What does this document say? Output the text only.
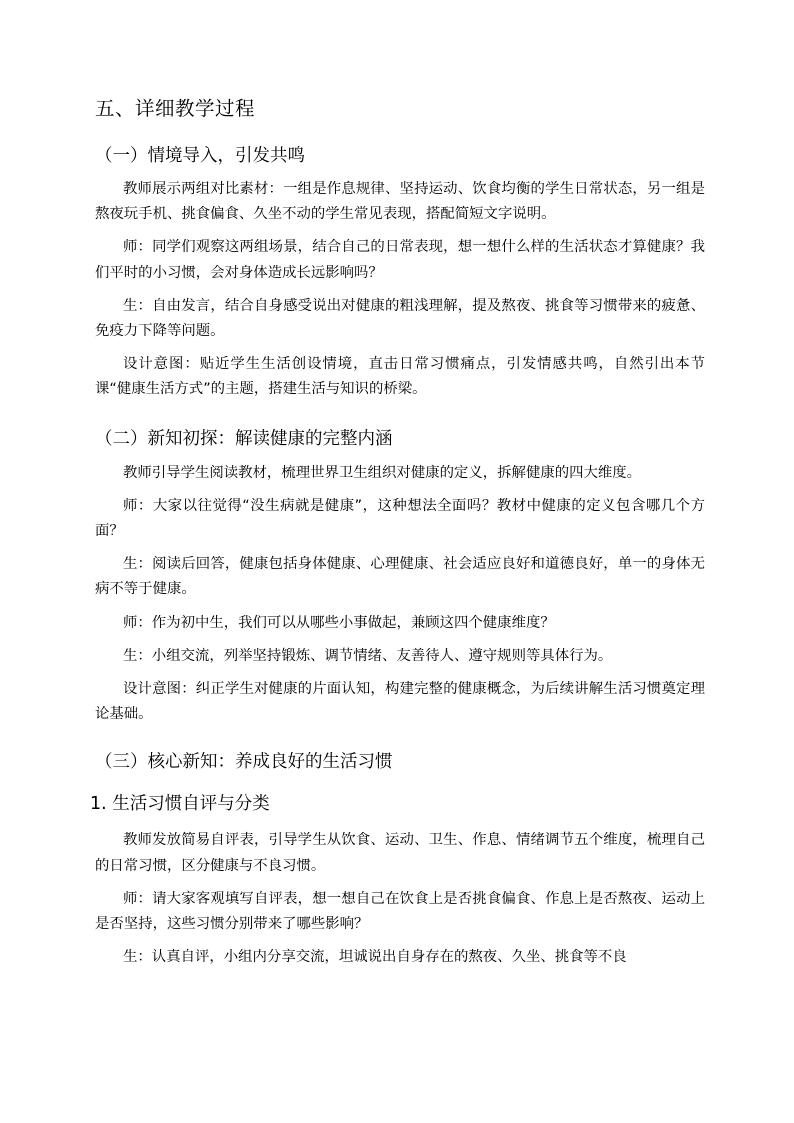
五、详细教学过程
（一）情境导入，引发共鸣

教师展示两组对比素材：一组是作息规律、坚持运动、饮食均衡的学生日常状态，另一组是熬夜玩手机、挑食偏食、久坐不动的学生常见表现，搭配简短文字说明。

师：同学们观察这两组场景，结合自己的日常表现，想一想什么样的生活状态才算健康？我们平时的小习惯，会对身体造成长远影响吗？

生：自由发言，结合自身感受说出对健康的粗浅理解，提及熬夜、挑食等习惯带来的疲惫、免疫力下降等问题。

设计意图：贴近学生生活创设情境，直击日常习惯痛点，引发情感共鸣，自然引出本节课“健康生活方式”的主题，搭建生活与知识的桥梁。

（二）新知初探：解读健康的完整内涵

教师引导学生阅读教材，梳理世界卫生组织对健康的定义，拆解健康的四大维度。

师：大家以往觉得“没生病就是健康”，这种想法全面吗？教材中健康的定义包含哪几个方面？

生：阅读后回答，健康包括身体健康、心理健康、社会适应良好和道德良好，单一的身体无病不等于健康。

师：作为初中生，我们可以从哪些小事做起，兼顾这四个健康维度？

生：小组交流，列举坚持锻炼、调节情绪、友善待人、遵守规则等具体行为。

设计意图：纠正学生对健康的片面认知，构建完整的健康概念，为后续讲解生活习惯奠定理论基础。

（三）核心新知：养成良好的生活习惯
1. 生活习惯自评与分类

教师发放简易自评表，引导学生从饮食、运动、卫生、作息、情绪调节五个维度，梳理自己的日常习惯，区分健康与不良习惯。

师：请大家客观填写自评表，想一想自己在饮食上是否挑食偏食、作息上是否熬夜、运动上是否坚持，这些习惯分别带来了哪些影响？

生：认真自评，小组内分享交流，坦诚说出自身存在的熬夜、久坐、挑食等不良
